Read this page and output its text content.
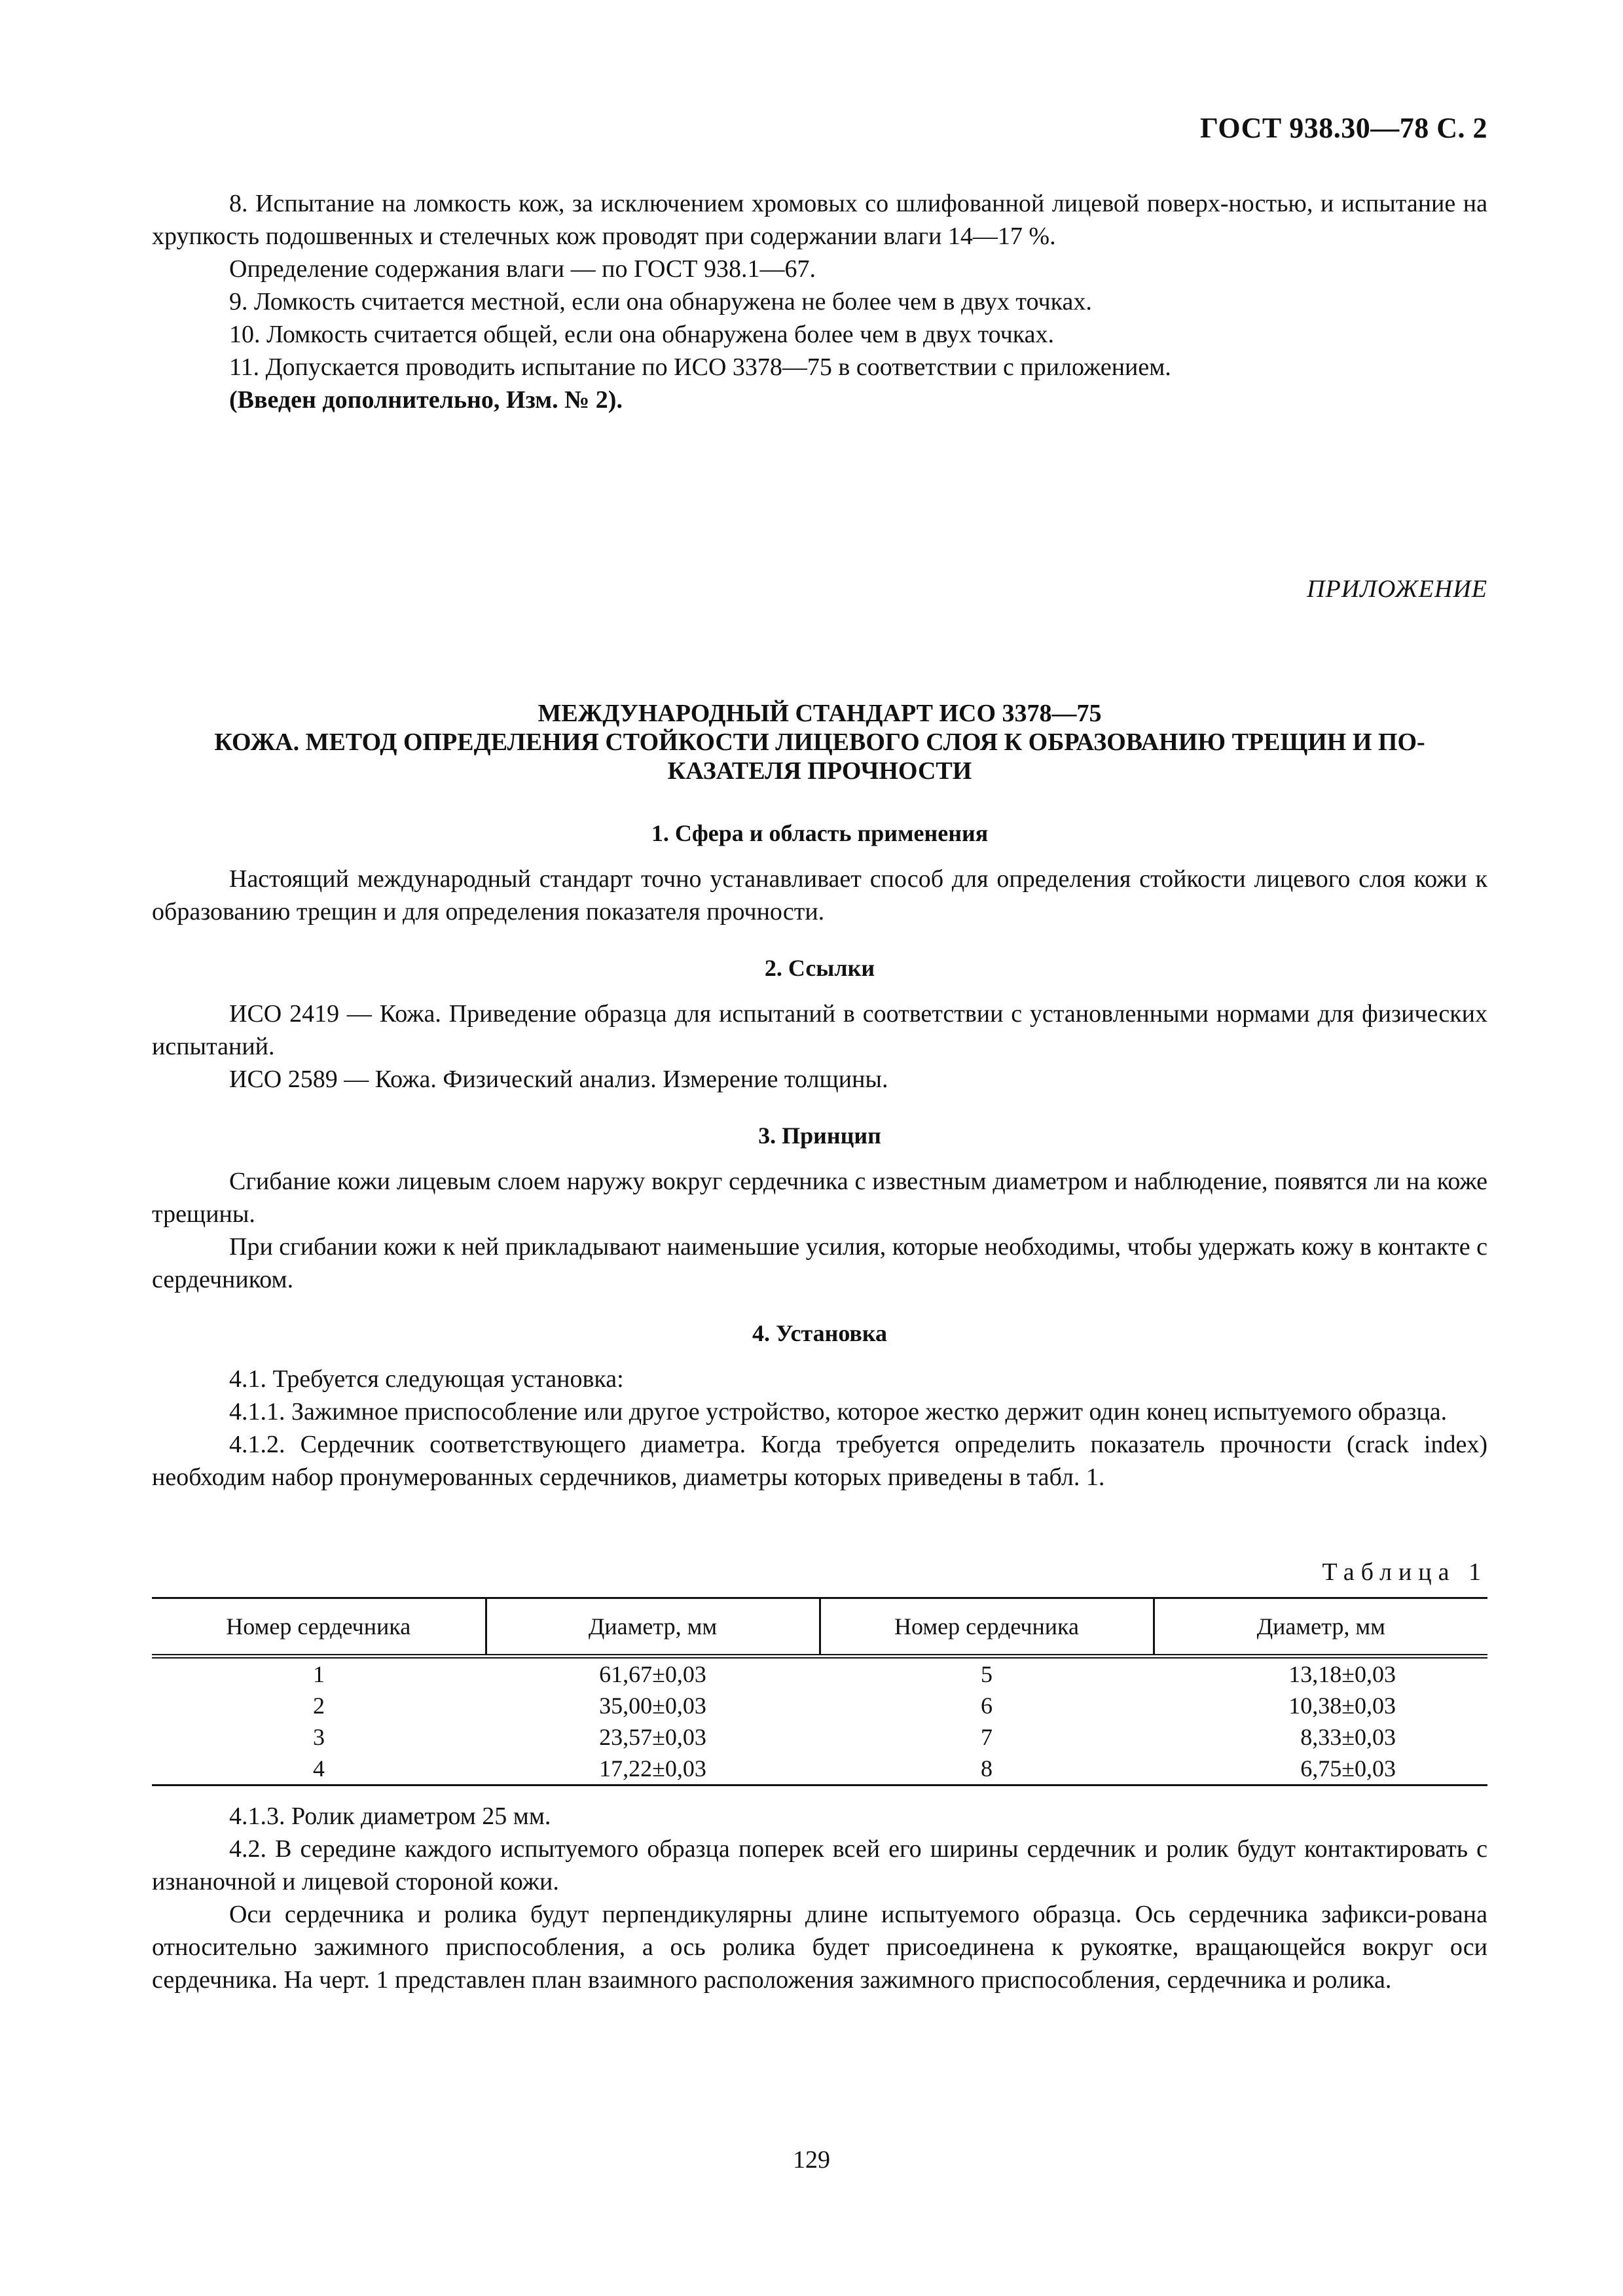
ГОСТ 938.30—78 С. 2

8. Испытание на ломкость кож, за исключением хромовых со шлифованной лицевой поверх-ностью, и испытание на хрупкость подошвенных и стелечных кож проводят при содержании влаги 14—17 %.

Определение содержания влаги — по ГОСТ 938.1—67.

9. Ломкость считается местной, если она обнаружена не более чем в двух точках.

10. Ломкость считается общей, если она обнаружена более чем в двух точках.

11. Допускается проводить испытание по ИСО 3378—75 в соответствии с приложением.

(Введен дополнительно, Изм. № 2).

ПРИЛОЖЕНИЕ
МЕЖДУНАРОДНЫЙ СТАНДАРТ ИСО 3378—75
КОЖА. МЕТОД ОПРЕДЕЛЕНИЯ СТОЙКОСТИ ЛИЦЕВОГО СЛОЯ К ОБРАЗОВАНИЮ ТРЕЩИН И ПО-
КАЗАТЕЛЯ ПРОЧНОСТИ

1. Сфера и область применения

Настоящий международный стандарт точно устанавливает способ для определения стойкости лицевого слоя кожи к образованию трещин и для определения показателя прочности.

2. Ссылки

ИСО 2419 — Кожа. Приведение образца для испытаний в соответствии с установленными нормами для физических испытаний.

ИСО 2589 — Кожа. Физический анализ. Измерение толщины.

3. Принцип

Сгибание кожи лицевым слоем наружу вокруг сердечника с известным диаметром и наблюдение, появятся ли на коже трещины.

При сгибании кожи к ней прикладывают наименьшие усилия, которые необходимы, чтобы удержать кожу в контакте с сердечником.

4. Установка

4.1. Требуется следующая установка:

4.1.1. Зажимное приспособление или другое устройство, которое жестко держит один конец испытуемого образца.

4.1.2. Сердечник соответствующего диаметра. Когда требуется определить показатель прочности (crack index) необходим набор пронумерованных сердечников, диаметры которых приведены в табл. 1.

Таблица 1
Номер сердечника	Диаметр, мм	Номер сердечника	Диаметр, мм
1	61,67±0,03	5	13,18±0,03
2	35,00±0,03	6	10,38±0,03
3	23,57±0,03	7	8,33±0,03
4	17,22±0,03	8	6,75±0,03

4.1.3. Ролик диаметром 25 мм.

4.2. В середине каждого испытуемого образца поперек всей его ширины сердечник и ролик будут контактировать с изнаночной и лицевой стороной кожи.

Оси сердечника и ролика будут перпендикулярны длине испытуемого образца. Ось сердечника зафикси-рована относительно зажимного приспособления, а ось ролика будет присоединена к рукоятке, вращающейся вокруг оси сердечника. На черт. 1 представлен план взаимного расположения зажимного приспособления, сердечника и ролика.

129
